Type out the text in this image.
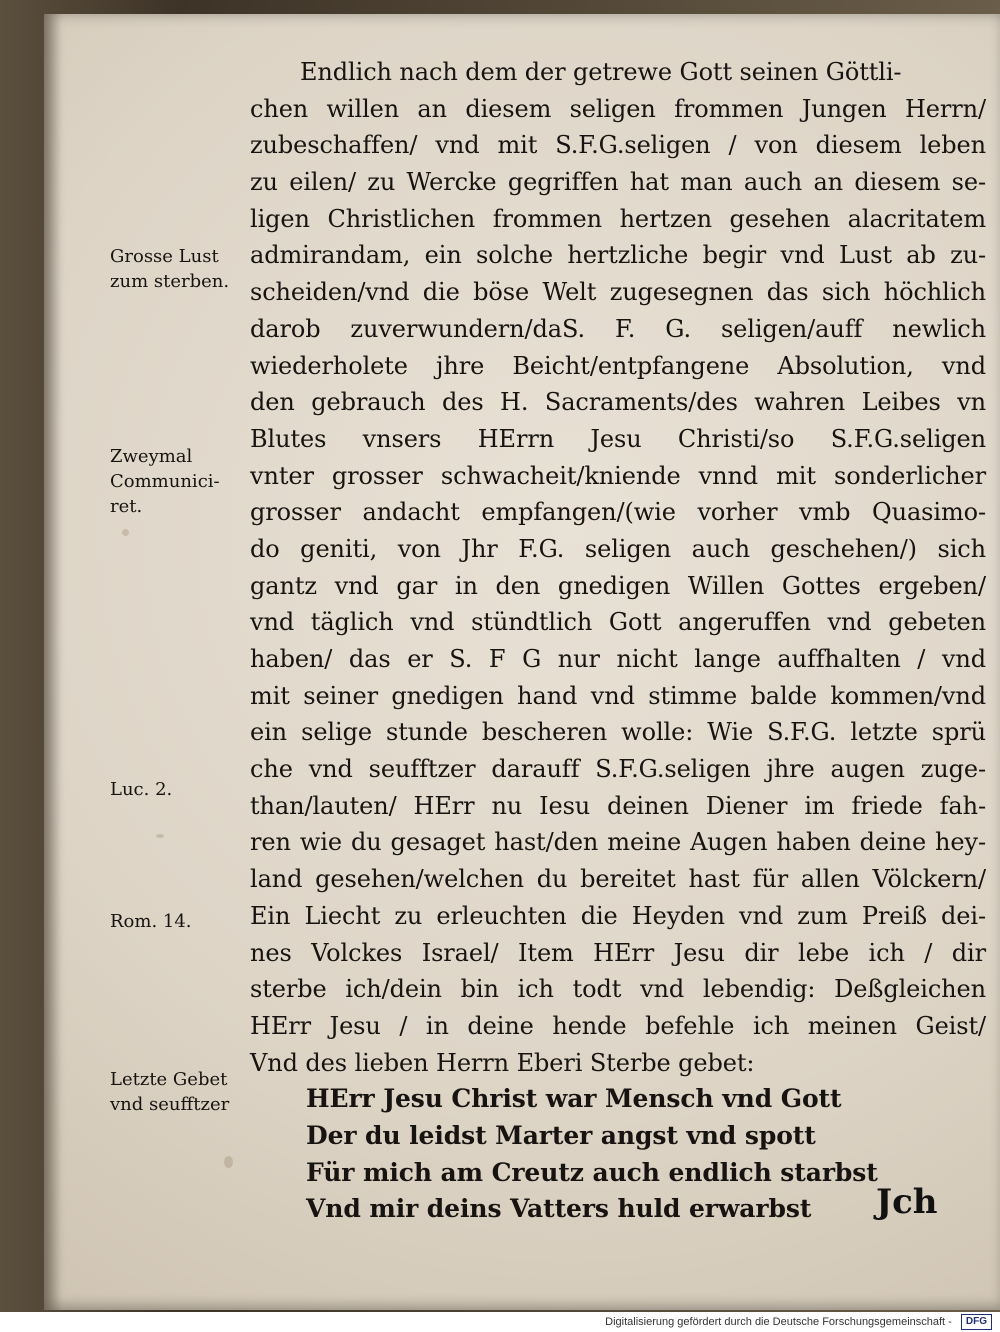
Grosse Lust
zum sterben.
Zweymal
Communici-
ret.
Luc. 2.
Rom. 14.
Letzte Gebet
vnd seufftzer
Endlich nach dem der getrewe Gott seinen Göttli-
chen willen an diesem seligen frommen Jungen Herrn/
zubeschaffen/ vnd mit S.F.G.seligen / von diesem leben
zu eilen/ zu Wercke gegriffen hat man auch an diesem se-
ligen Christlichen frommen hertzen gesehen alacritatem
admirandam, ein solche hertzliche begir vnd Lust ab zu-
scheiden/vnd die böse Welt zugesegnen das sich höchlich
darob zuverwundern/daS. F. G. seligen/auff newlich
wiederholete jhre Beicht/entpfangene Absolution, vnd
den gebrauch des H. Sacraments/des wahren Leibes vn
Blutes vnsers HErrn Jesu Christi/so S.F.G.seligen
vnter grosser schwacheit/kniende vnnd mit sonderlicher
grosser andacht empfangen/(wie vorher vmb Quasimo-
do geniti, von Jhr F.G. seligen auch geschehen/) sich
gantz vnd gar in den gnedigen Willen Gottes ergeben/
vnd täglich vnd stündtlich Gott angeruffen vnd gebeten
haben/ das er S. F G nur nicht lange auffhalten / vnd
mit seiner gnedigen hand vnd stimme balde kommen/vnd
ein selige stunde bescheren wolle: Wie S.F.G. letzte sprü
che vnd seufftzer darauff S.F.G.seligen jhre augen zuge-
than/lauten/ HErr nu Iesu deinen Diener im friede fah-
ren wie du gesaget hast/den meine Augen haben deine hey-
land gesehen/welchen du bereitet hast für allen Völckern/
Ein Liecht zu erleuchten die Heyden vnd zum Preiß dei-
nes Volckes Israel/ Item HErr Jesu dir lebe ich / dir
sterbe ich/dein bin ich todt vnd lebendig: Deßgleichen
HErr Jesu / in deine hende befehle ich meinen Geist/
Vnd des lieben Herrn Eberi Sterbe gebet:
HErr Jesu Christ war Mensch vnd Gott
Der du leidst Marter angst vnd spott
Für mich am Creutz auch endlich starbst
Vnd mir deins Vatters huld erwarbst	Jch
Digitalisierung gefördert durch die Deutsche Forschungsgemeinschaft - DFG
